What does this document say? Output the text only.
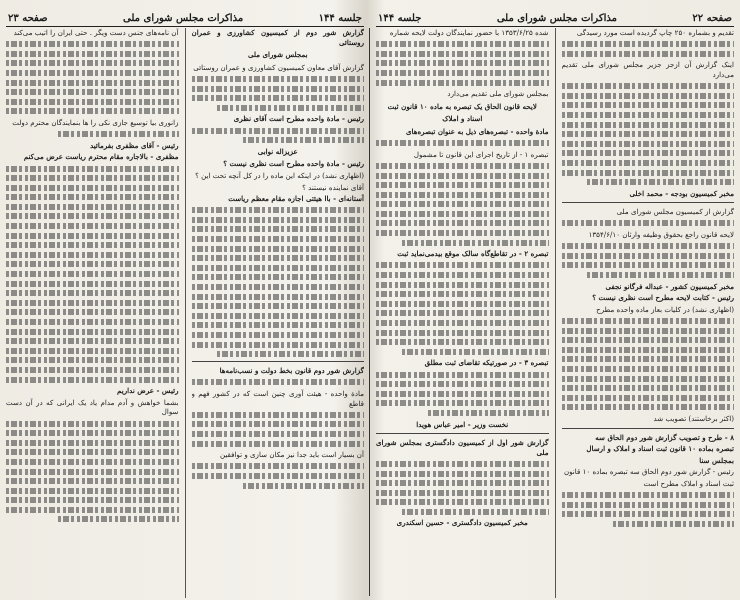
جلسه ۱۴۴
مذاکرات مجلس شورای ملی
صفحه ۲۳

گزارش شور دوم از کمیسیون کشاورزی و عمران روستائی

بمجلس شورای ملی

گزارش آقای معاون کمیسیون کشاورزی و عمران روستائی

رئیس - مادة واحده مطرح است آقای نظری

عزیزاله نوابی

رئیس - مادة واحده مطرح است نظری نیست ؟

(اظهاری نشد) در اینکه این ماده را در کل آنچه تحت این ؟

آقای نماینده نیستند ؟

آستانه‌ای - باا هیئتی اجازه مقام معظم ریاست

گزارش شور دوم قانون بخط دولت و نسب‌نامه‌ها

مادة واحده - هیئت آوری چنین است که در کشور فهم و قاطع

آن بسیار است باید جدا نیز مکان سازی و توافقین

آن نامه‌های جنس دست ویگر . حتی ایران را اتیب می‌کند

زانوری بیا توسیع جازی نکی را ها بنمایندگان محترم دولت

رئیس - آقای مظفری بفرمائید

مظفری - بالاجاره مقام محترم ریاست عرض می‌کنم

رئیس - عرض نداریم

بشما خواهش و آدم مدام یاد یک ایرانی که در آن دست سوال

صفحه ۲۲
مذاکرات مجلس شورای ملی
جلسه ۱۴۴

تقدیم و بشماره ۲۵۰ چاپ گردیده است مورد رسیدگی

اینک گزارش آن ازجز جزیر مجلس شورای ملی تقدیم می‌دارد

مخبر کمیسیون بودجه - محمد اخلی

گزارش از کمیسیون مجلس شورای ملی

لایحه قانون راجع بحقوق وظیفه وارثان ۱۳۵۴/۶/۱۰

مخبر کمیسیون کشور - عبداله فرگانو نجفی

رئیس - کتابت لایحه مطرح است نظری نیست ؟

(اظهاری نشد) در کلیات بعاز ماده واحده مطرح

(اکثر برخاستند) تصویب شد

۸ - طرح و تصویب گزارش شور دوم الحاق سه

تبصره بماده ۱۰ قانون ثبت اسناد و املاک و ارسال

بمجلس سنا

رئیس - گزارش شور دوم الحاق سه تبصره بماده ۱۰ قانون

ثبت اسناد و املاک مطرح است

شده ۱۳۵۳/۶/۲۵ با حضور نمایندگان دولت لایحه شماره

بمجلس شورای ملی تقدیم می‌دارد

لایحه قانون الحاق یک تبصره به ماده ۱۰ قانون ثبت

اسناد و املاک

مادة واحده - تبصره‌های ذیل به عنوان تبصره‌های

تبصره ۱ - از تاریخ اجرای این قانون تا مشمول

تبصره ۲ - در تقاطع‌گاه سالک موقع بیدمی‌نماید ثبت

تبصره ۳ - در صورتیکه تقاضای ثبت مطلق

نخست وزیر - امیر عباس هویدا

گزارش شور اول از کمیسیون دادگستری بمجلس شورای ملی

مخبر کمیسیون دادگستری - حسین اسکندری
